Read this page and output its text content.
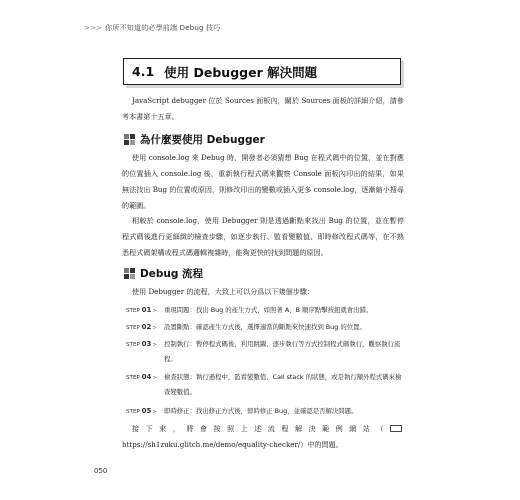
>>> 你所不知道的必學前端 Debug 技巧
4.1 使用 Debugger 解決問題

JavaScript debugger 位於 Sources 面板內，關於 Sources 面板的詳細介紹，請參考本書第十五章。

為什麼要使用 Debugger

使用 console.log 來 Debug 時，開發者必須猜想 Bug 在程式碼中的位置，並在對應的位置插入 console.log 後，重新執行程式碼來觀察 Console 面板內印出的結果，如果無法找出 Bug 的位置或原因，則修改印出的變數或插入更多 console.log，逐漸縮小搜尋的範圍。

相較於 console.log，使用 Debugger 則是透過斷點來找出 Bug 的位置，並在暫停程式碼後進行更細緻的檢查步驟，如逐步執行、監看變數值、即時修改程式碼等，在不熟悉程式碼架構或程式碼邏輯複雜時，能夠更快的找到問題的原因。

Debug 流程

使用 Debugger 的流程，大致上可以分爲以下幾個步驟：

STEP 01>	重現問題：找出 Bug 的產生方式，如照著 A、B 順序點擊按鈕就會出錯。
STEP 02>	設置斷點：確認產生方式後，選擇適當的斷點來快速找到 Bug 的位置。
STEP 03>	控制執行：暫停程式碼後，利用跳躍、逐步執行等方式控制程式碼執行，觀察執行流程。
STEP 04>	檢查狀態：執行過程中，監看變數值、Call stack 的狀態，或是執行額外程式碼來檢查變數值。
STEP 05>	即時修正：找出修正方式後，即時修正 Bug，並確認是否解決問題。

接下來，將會按照上述流程解決範例網站（https://sh1zuku.glitch.me/demo/equality-checker/）中的問題。

050
